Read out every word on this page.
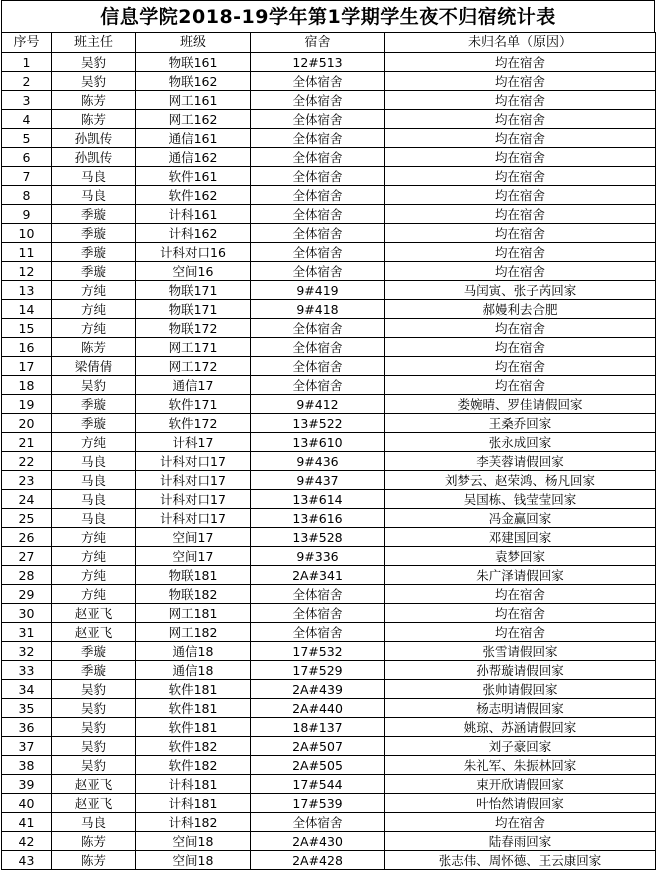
信息学院2018-19学年第1学期学生夜不归宿统计表
序号	班主任	班级	宿舍	未归名单（原因）
1	吴豹	物联161	12#513	均在宿舍
2	吴豹	物联162	全体宿舍	均在宿舍
3	陈芳	网工161	全体宿舍	均在宿舍
4	陈芳	网工162	全体宿舍	均在宿舍
5	孙凯传	通信161	全体宿舍	均在宿舍
6	孙凯传	通信162	全体宿舍	均在宿舍
7	马良	软件161	全体宿舍	均在宿舍
8	马良	软件162	全体宿舍	均在宿舍
9	季璇	计科161	全体宿舍	均在宿舍
10	季璇	计科162	全体宿舍	均在宿舍
11	季璇	计科对口16	全体宿舍	均在宿舍
12	季璇	空间16	全体宿舍	均在宿舍
13	方纯	物联171	9#419	马闰寅、张子芮回家
14	方纯	物联171	9#418	郝嫚利去合肥
15	方纯	物联172	全体宿舍	均在宿舍
16	陈芳	网工171	全体宿舍	均在宿舍
17	梁倩倩	网工172	全体宿舍	均在宿舍
18	吴豹	通信17	全体宿舍	均在宿舍
19	季璇	软件171	9#412	娄婉晴、罗佳请假回家
20	季璇	软件172	13#522	王桑乔回家
21	方纯	计科17	13#610	张永成回家
22	马良	计科对口17	9#436	李芙蓉请假回家
23	马良	计科对口17	9#437	刘梦云、赵荣鸿、杨凡回家
24	马良	计科对口17	13#614	吴国栋、钱莹莹回家
25	马良	计科对口17	13#616	冯金赢回家
26	方纯	空间17	13#528	邓建国回家
27	方纯	空间17	9#336	袁梦回家
28	方纯	物联181	2A#341	朱广泽请假回家
29	方纯	物联182	全体宿舍	均在宿舍
30	赵亚飞	网工181	全体宿舍	均在宿舍
31	赵亚飞	网工182	全体宿舍	均在宿舍
32	季璇	通信18	17#532	张雪请假回家
33	季璇	通信18	17#529	孙帮璇请假回家
34	吴豹	软件181	2A#439	张帅请假回家
35	吴豹	软件181	2A#440	杨志明请假回家
36	吴豹	软件181	18#137	姚琼、苏涵请假回家
37	吴豹	软件182	2A#507	刘子豪回家
38	吴豹	软件182	2A#505	朱礼军、朱振林回家
39	赵亚飞	计科181	17#544	束开欣请假回家
40	赵亚飞	计科181	17#539	叶怡然请假回家
41	马良	计科182	全体宿舍	均在宿舍
42	陈芳	空间18	2A#430	陆春雨回家
43	陈芳	空间18	2A#428	张志伟、周怀德、王云康回家
